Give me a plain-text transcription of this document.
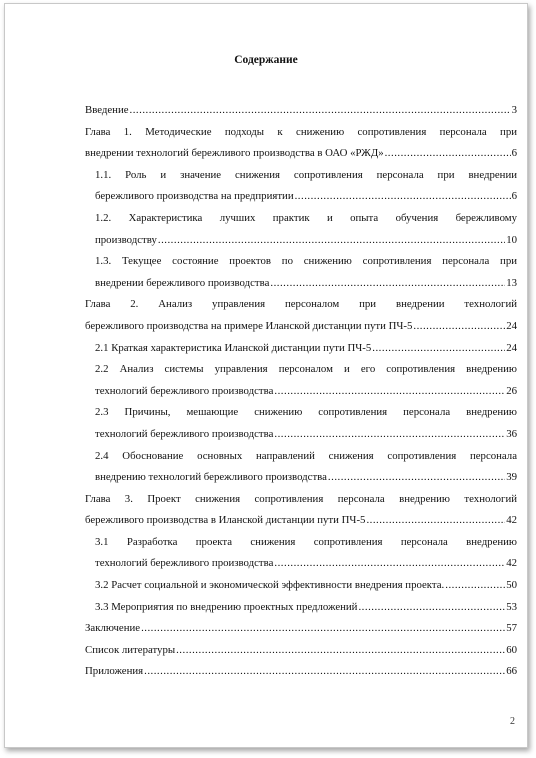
Содержание
Введение .....	3
Глава 1. Методические подходы к снижению сопротивления персонала при
внедрении технологий бережливого производства в ОАО «РЖД» .....	6
1.1. Роль и значение снижения сопротивления персонала при внедрении
бережливого производства на предприятии .....	6
1.2. Характеристика лучших практик и опыта обучения бережливому
производству .....	10
1.3. Текущее состояние проектов по снижению сопротивления персонала при
внедрении бережливого производства .....	13
Глава 2. Анализ управления персоналом при внедрении технологий
бережливого производства на примере Иланской дистанции пути ПЧ-5 .....	24
2.1 Краткая характеристика Иланской дистанции пути ПЧ-5 .....	24
2.2 Анализ системы управления персоналом и его сопротивления внедрению
технологий бережливого производства .....	26
2.3 Причины, мешающие снижению сопротивления персонала внедрению
технологий бережливого производства .....	36
2.4 Обоснование основных направлений снижения сопротивления персонала
внедрению технологий бережливого производства .....	39
Глава 3. Проект снижения сопротивления персонала внедрению технологий
бережливого производства в Иланской дистанции пути ПЧ-5 .....	42
3.1 Разработка проекта снижения сопротивления персонала внедрению
технологий бережливого производства .....	42
3.2 Расчет социальной и экономической эффективности внедрения проекта. .....	50
3.3 Мероприятия по внедрению проектных предложений .....	53
Заключение .....	57
Список литературы .....	60
Приложения .....	66
2
